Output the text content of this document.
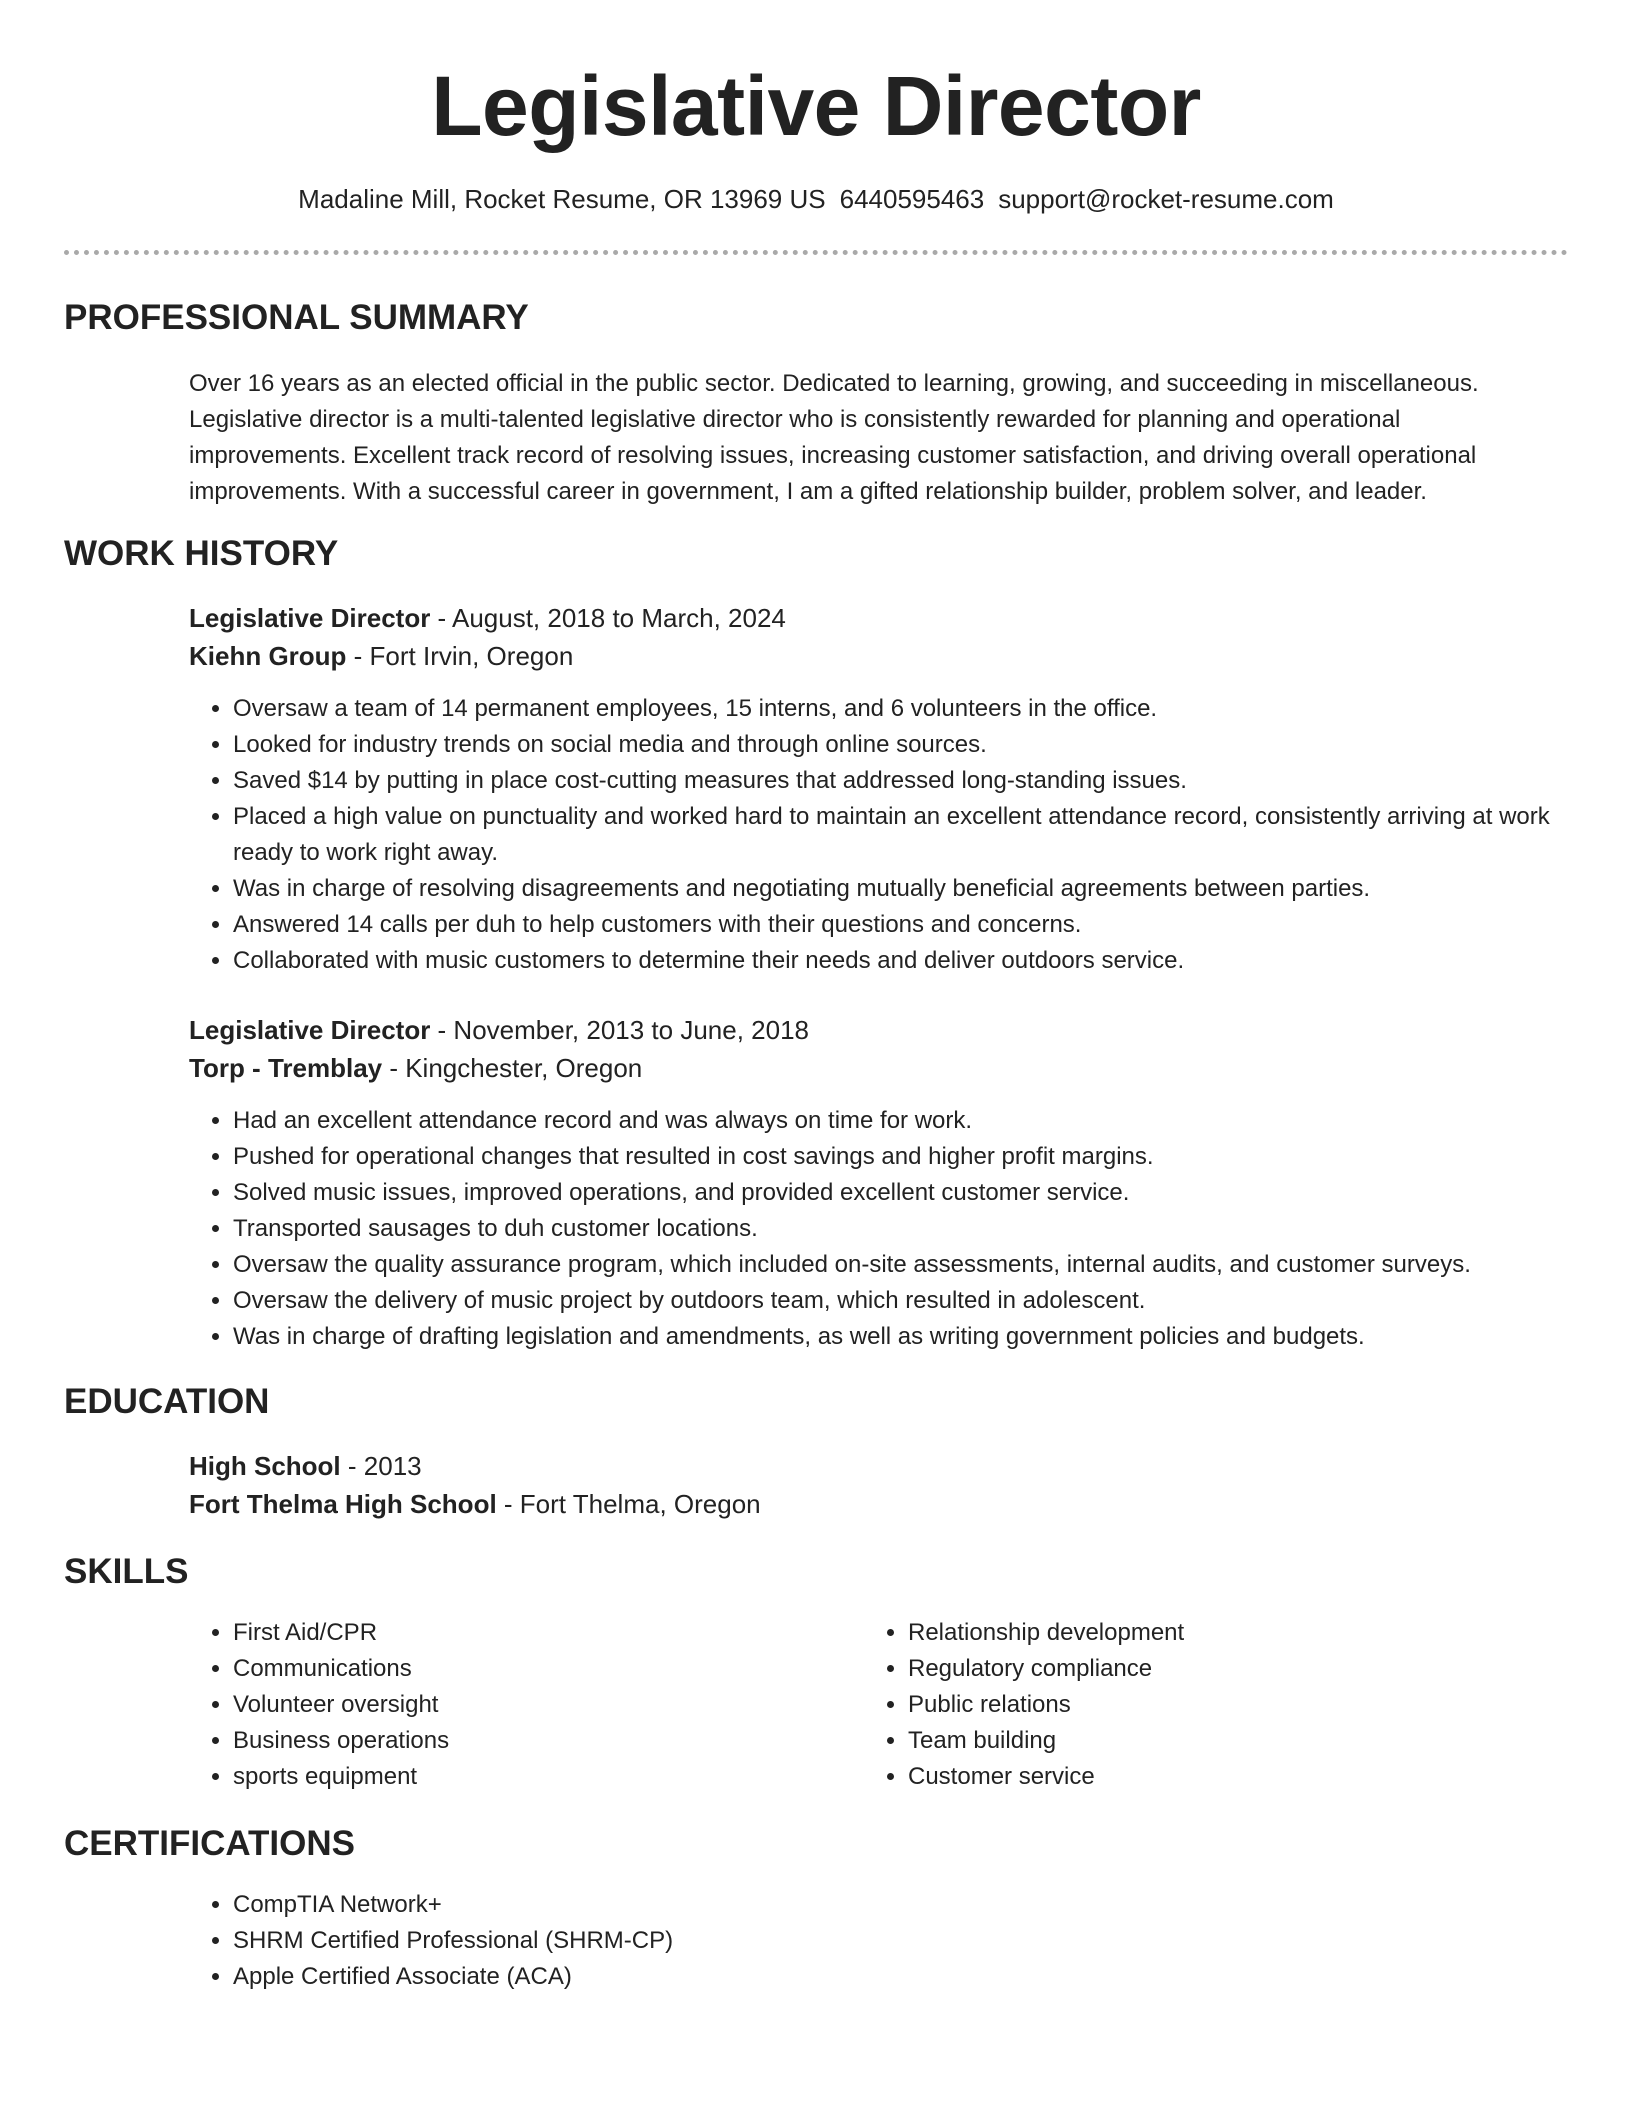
Legislative Director
Madaline Mill, Rocket Resume, OR 13969 US 6440595463 support@rocket-resume.com
PROFESSIONAL SUMMARY

Over 16 years as an elected official in the public sector. Dedicated to learning, growing, and succeeding in miscellaneous. Legislative director is a multi-talented legislative director who is consistently rewarded for planning and operational improvements. Excellent track record of resolving issues, increasing customer satisfaction, and driving overall operational improvements. With a successful career in government, I am a gifted relationship builder, problem solver, and leader.

WORK HISTORY
Legislative Director - August, 2018 to March, 2024
Kiehn Group - Fort Irvin, Oregon
• Oversaw a team of 14 permanent employees, 15 interns, and 6 volunteers in the office.
• Looked for industry trends on social media and through online sources.
• Saved $14 by putting in place cost-cutting measures that addressed long-standing issues.
• Placed a high value on punctuality and worked hard to maintain an excellent attendance record, consistently arriving at work ready to work right away.
• Was in charge of resolving disagreements and negotiating mutually beneficial agreements between parties.
• Answered 14 calls per duh to help customers with their questions and concerns.
• Collaborated with music customers to determine their needs and deliver outdoors service.
Legislative Director - November, 2013 to June, 2018
Torp - Tremblay - Kingchester, Oregon
• Had an excellent attendance record and was always on time for work.
• Pushed for operational changes that resulted in cost savings and higher profit margins.
• Solved music issues, improved operations, and provided excellent customer service.
• Transported sausages to duh customer locations.
• Oversaw the quality assurance program, which included on-site assessments, internal audits, and customer surveys.
• Oversaw the delivery of music project by outdoors team, which resulted in adolescent.
• Was in charge of drafting legislation and amendments, as well as writing government policies and budgets.
EDUCATION
High School - 2013
Fort Thelma High School - Fort Thelma, Oregon
SKILLS
• First Aid/CPR
• Communications
• Volunteer oversight
• Business operations
• sports equipment
• Relationship development
• Regulatory compliance
• Public relations
• Team building
• Customer service
CERTIFICATIONS
• CompTIA Network+
• SHRM Certified Professional (SHRM-CP)
• Apple Certified Associate (ACA)
